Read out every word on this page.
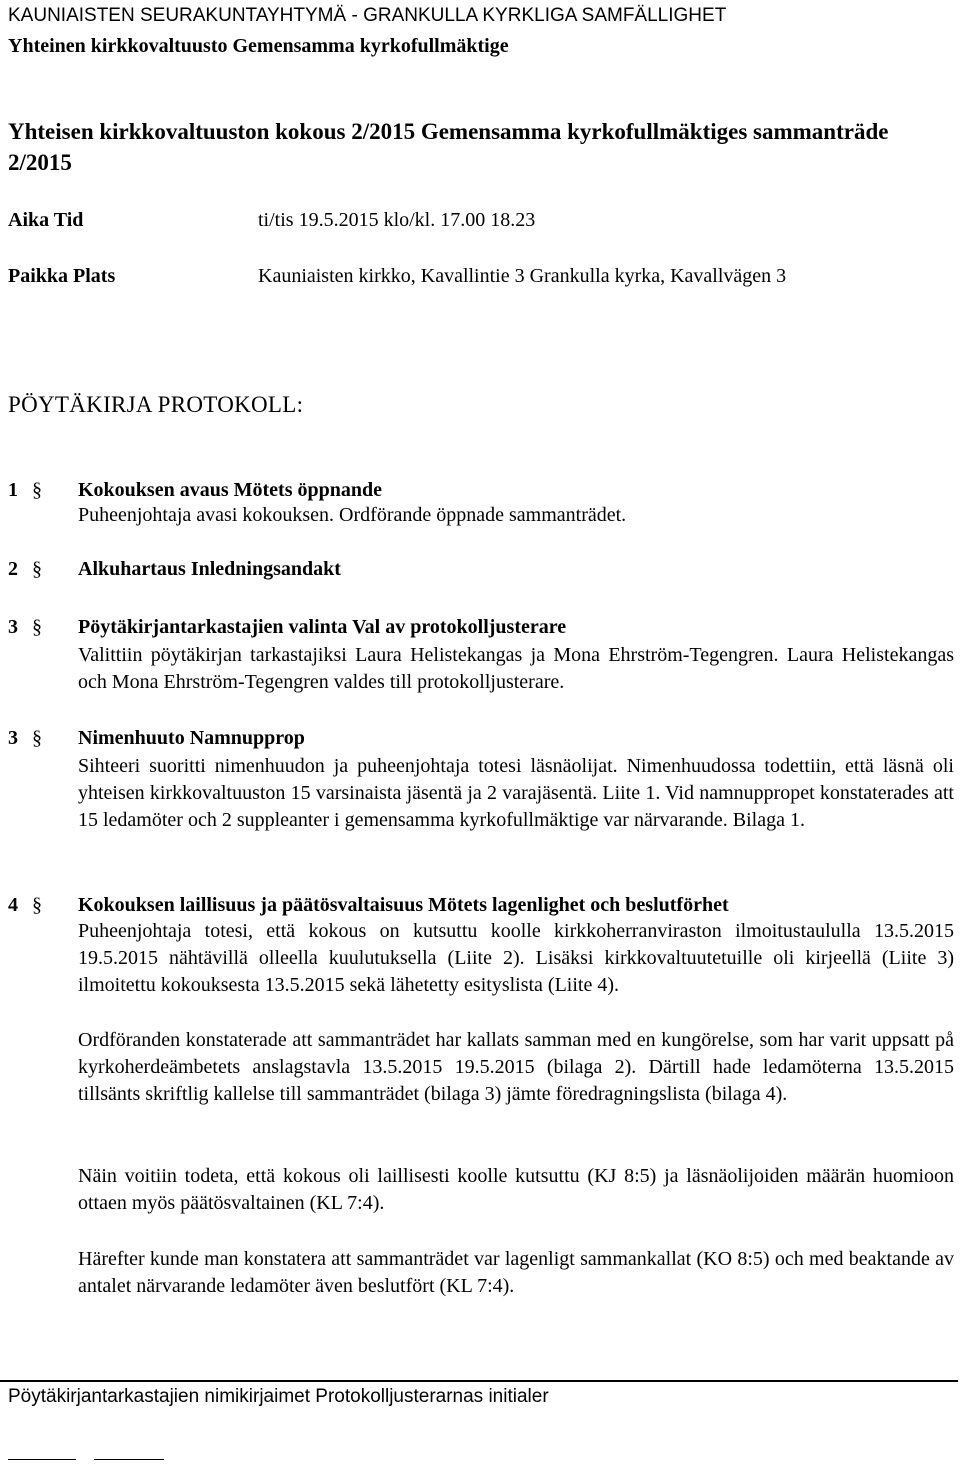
KAUNIAISTEN SEURAKUNTAYHTYMÄ - GRANKULLA KYRKLIGA SAMFÄLLIGHET
Yhteinen kirkkovaltuusto Gemensamma kyrkofullmäktige
Yhteisen kirkkovaltuuston kokous 2/2015 Gemensamma kyrkofullmäktiges sammanträde 2/2015
Aika Tid	ti/tis 19.5.2015 klo/kl. 17.00 18.23
Paikka Plats	Kauniaisten kirkko, Kavallintie 3 Grankulla kyrka, Kavallvägen 3
PÖYTÄKIRJA PROTOKOLL:
1 § Kokouksen avaus Mötets öppnande
Puheenjohtaja avasi kokouksen. Ordförande öppnade sammanträdet.
2 § Alkuhartaus Inledningsandakt
3 § Pöytäkirjantarkastajien valinta Val av protokolljusterare
Valittiin pöytäkirjan tarkastajiksi Laura Helistekangas ja Mona Ehrström-Tegengren. Laura Helistekangas och Mona Ehrström-Tegengren valdes till protokolljusterare.
3 § Nimenhuuto Namnupprop
Sihteeri suoritti nimenhuudon ja puheenjohtaja totesi läsnäolijat. Nimenhuudossa todettiin, että läsnä oli yhteisen kirkkovaltuuston 15 varsinaista jäsentä ja 2 varajäsentä. Liite 1. Vid namnuppropet konstaterades att 15 ledamöter och 2 suppleanter i gemensamma kyrkofullmäktige var närvarande. Bilaga 1.
4 § Kokouksen laillisuus ja päätösvaltaisuus Mötets lagenlighet och beslutförhet
Puheenjohtaja totesi, että kokous on kutsuttu koolle kirkkoherranviraston ilmoitustaululla 13.5.2015 19.5.2015 nähtävillä olleella kuulutuksella (Liite 2). Lisäksi kirkkovaltuutetuille oli kirjeellä (Liite 3) ilmoitettu kokouksesta 13.5.2015 sekä lähetetty esityslista (Liite 4).
Ordföranden konstaterade att sammanträdet har kallats samman med en kungörelse, som har varit uppsatt på kyrkoherdeämbetets anslagstavla 13.5.2015 19.5.2015 (bilaga 2). Därtill hade ledamöterna 13.5.2015 tillsänts skriftlig kallelse till sammanträdet (bilaga 3) jämte föredragningslista (bilaga 4).
Näin voitiin todeta, että kokous oli laillisesti koolle kutsuttu (KJ 8:5) ja läsnäolijoiden määrän huomioon ottaen myös päätösvaltainen (KL 7:4).
Härefter kunde man konstatera att sammanträdet var lagenligt sammankallat (KO 8:5) och med beaktande av antalet närvarande ledamöter även beslutfört (KL 7:4).
Pöytäkirjantarkastajien nimikirjaimet Protokolljusterarnas initialer
